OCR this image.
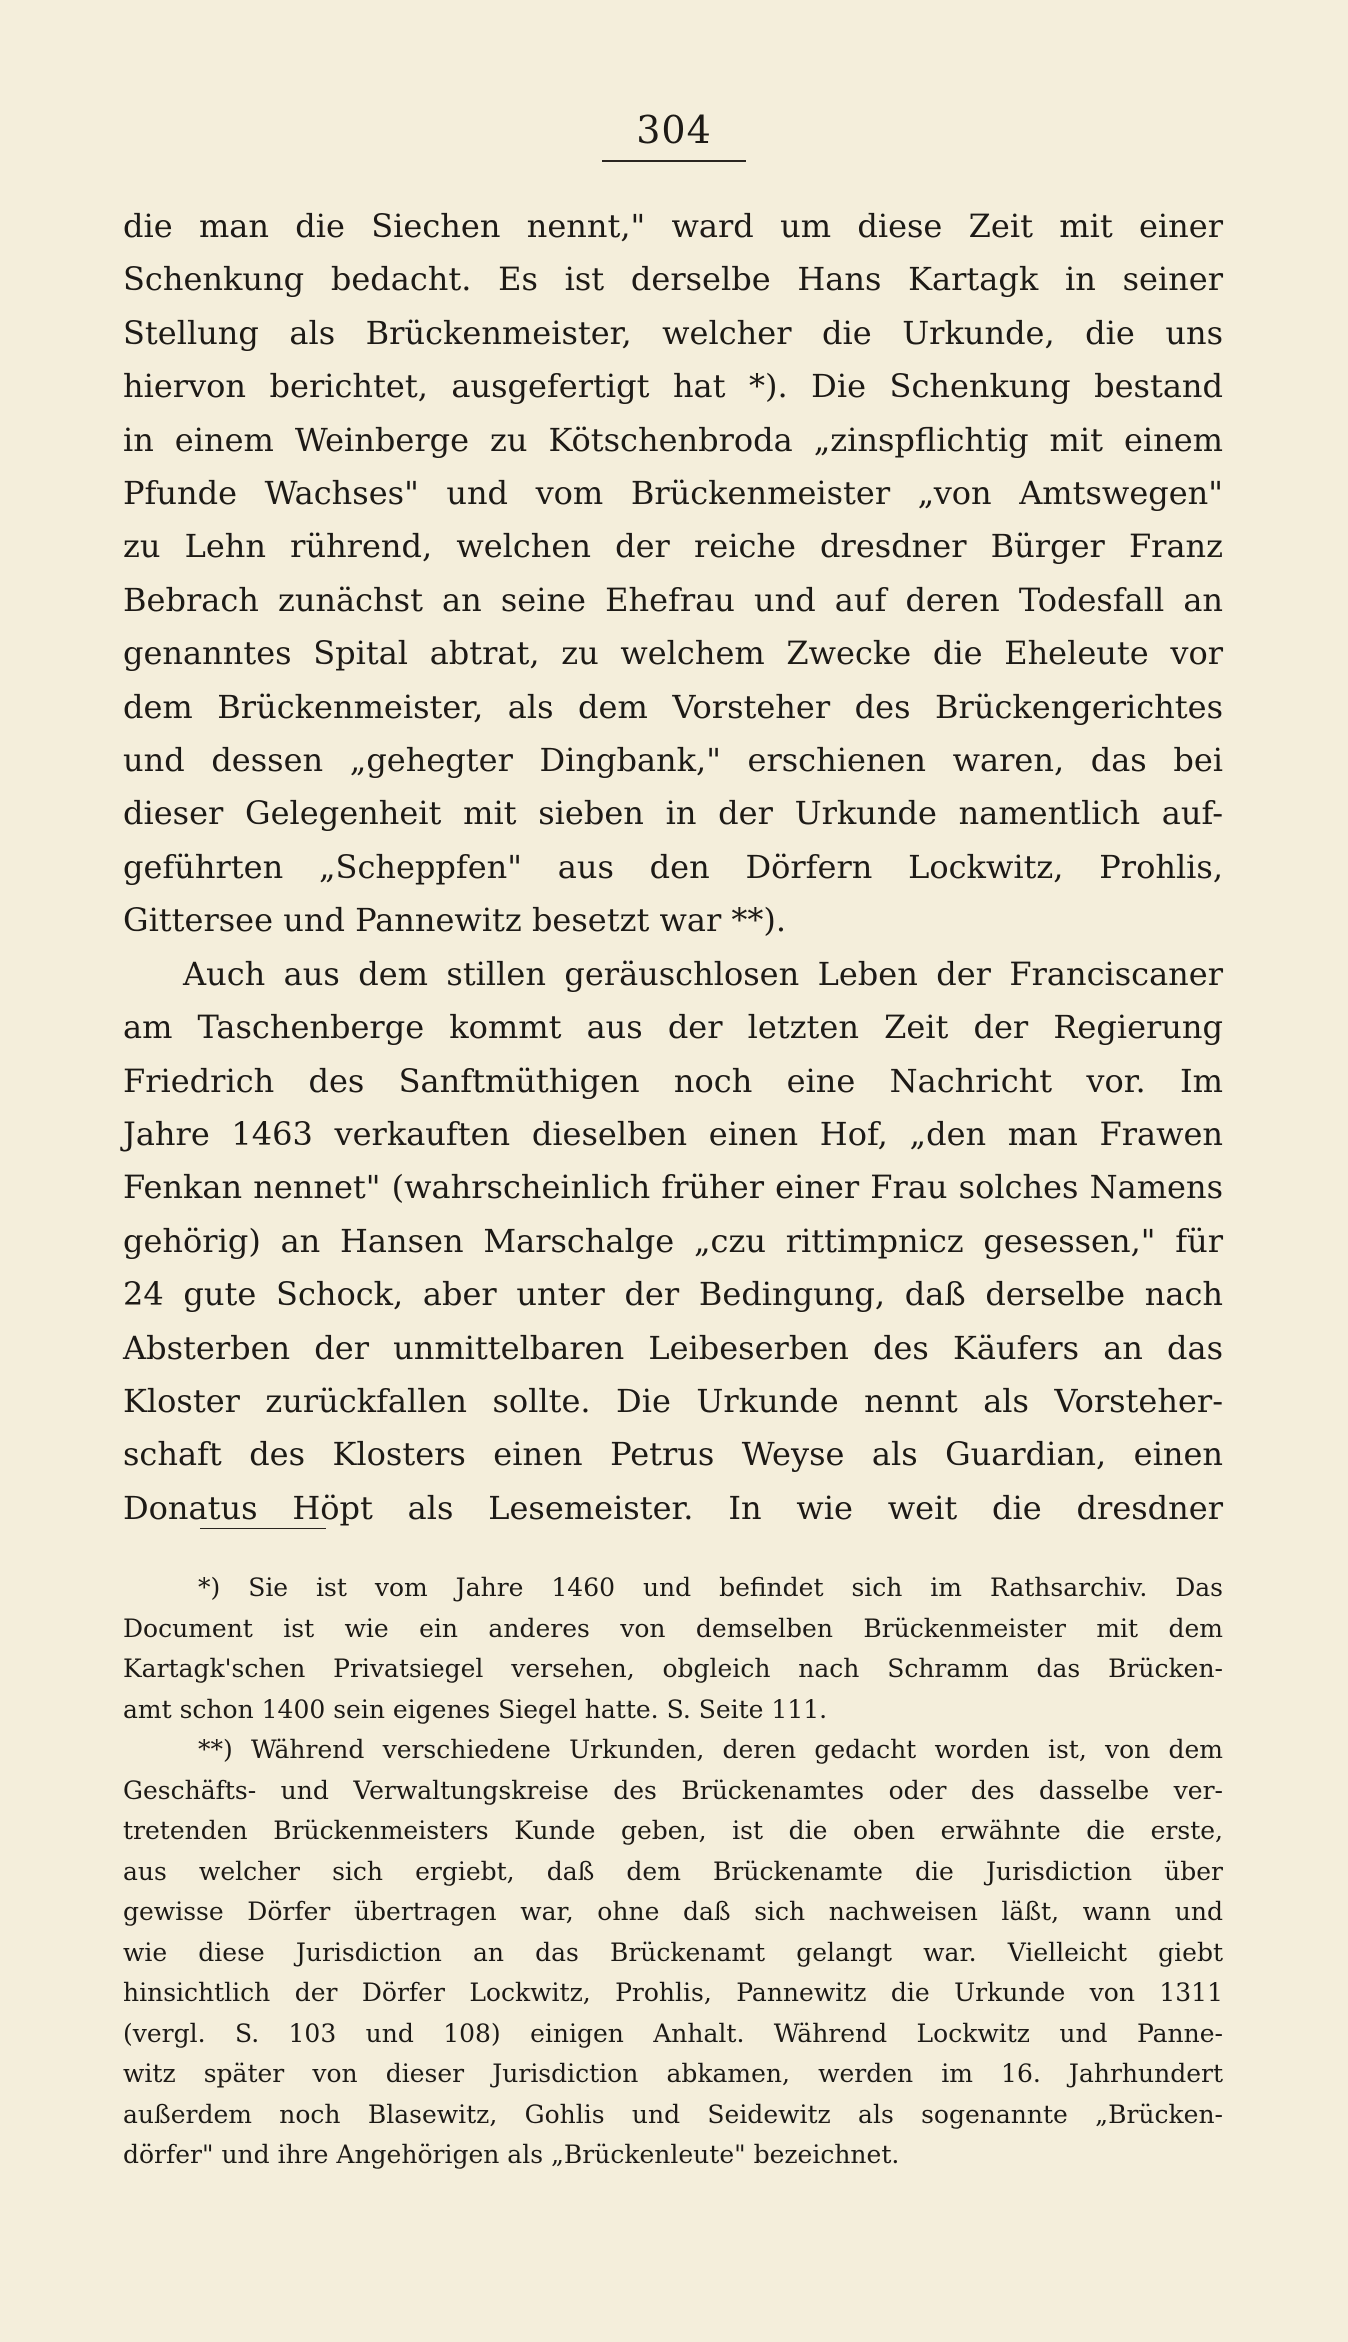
304
die man die Siechen nennt," ward um diese Zeit mit einer
Schenkung bedacht. Es ist derselbe Hans Kartagk in seiner
Stellung als Brückenmeister, welcher die Urkunde, die uns
hiervon berichtet, ausgefertigt hat *). Die Schenkung bestand
in einem Weinberge zu Kötschenbroda „zinspflichtig mit einem
Pfunde Wachses" und vom Brückenmeister „von Amtswegen"
zu Lehn rührend, welchen der reiche dresdner Bürger Franz
Bebrach zunächst an seine Ehefrau und auf deren Todesfall an
genanntes Spital abtrat, zu welchem Zwecke die Eheleute vor
dem Brückenmeister, als dem Vorsteher des Brückengerichtes
und dessen „gehegter Dingbank," erschienen waren, das bei
dieser Gelegenheit mit sieben in der Urkunde namentlich auf-
geführten „Scheppfen" aus den Dörfern Lockwitz, Prohlis,
Gittersee und Pannewitz besetzt war **).
Auch aus dem stillen geräuschlosen Leben der Franciscaner
am Taschenberge kommt aus der letzten Zeit der Regierung
Friedrich des Sanftmüthigen noch eine Nachricht vor. Im
Jahre 1463 verkauften dieselben einen Hof, „den man Frawen
Fenkan nennet" (wahrscheinlich früher einer Frau solches Namens
gehörig) an Hansen Marschalge „czu rittimpnicz gesessen," für
24 gute Schock, aber unter der Bedingung, daß derselbe nach
Absterben der unmittelbaren Leibeserben des Käufers an das
Kloster zurückfallen sollte. Die Urkunde nennt als Vorsteher-
schaft des Klosters einen Petrus Weyse als Guardian, einen
Donatus Höpt als Lesemeister. In wie weit die dresdner
*) Sie ist vom Jahre 1460 und befindet sich im Rathsarchiv. Das
Document ist wie ein anderes von demselben Brückenmeister mit dem
Kartagk'schen Privatsiegel versehen, obgleich nach Schramm das Brücken-
amt schon 1400 sein eigenes Siegel hatte. S. Seite 111.
**) Während verschiedene Urkunden, deren gedacht worden ist, von dem
Geschäfts- und Verwaltungskreise des Brückenamtes oder des dasselbe ver-
tretenden Brückenmeisters Kunde geben, ist die oben erwähnte die erste,
aus welcher sich ergiebt, daß dem Brückenamte die Jurisdiction über
gewisse Dörfer übertragen war, ohne daß sich nachweisen läßt, wann und
wie diese Jurisdiction an das Brückenamt gelangt war. Vielleicht giebt
hinsichtlich der Dörfer Lockwitz, Prohlis, Pannewitz die Urkunde von 1311
(vergl. S. 103 und 108) einigen Anhalt. Während Lockwitz und Panne-
witz später von dieser Jurisdiction abkamen, werden im 16. Jahrhundert
außerdem noch Blasewitz, Gohlis und Seidewitz als sogenannte „Brücken-
dörfer" und ihre Angehörigen als „Brückenleute" bezeichnet.
